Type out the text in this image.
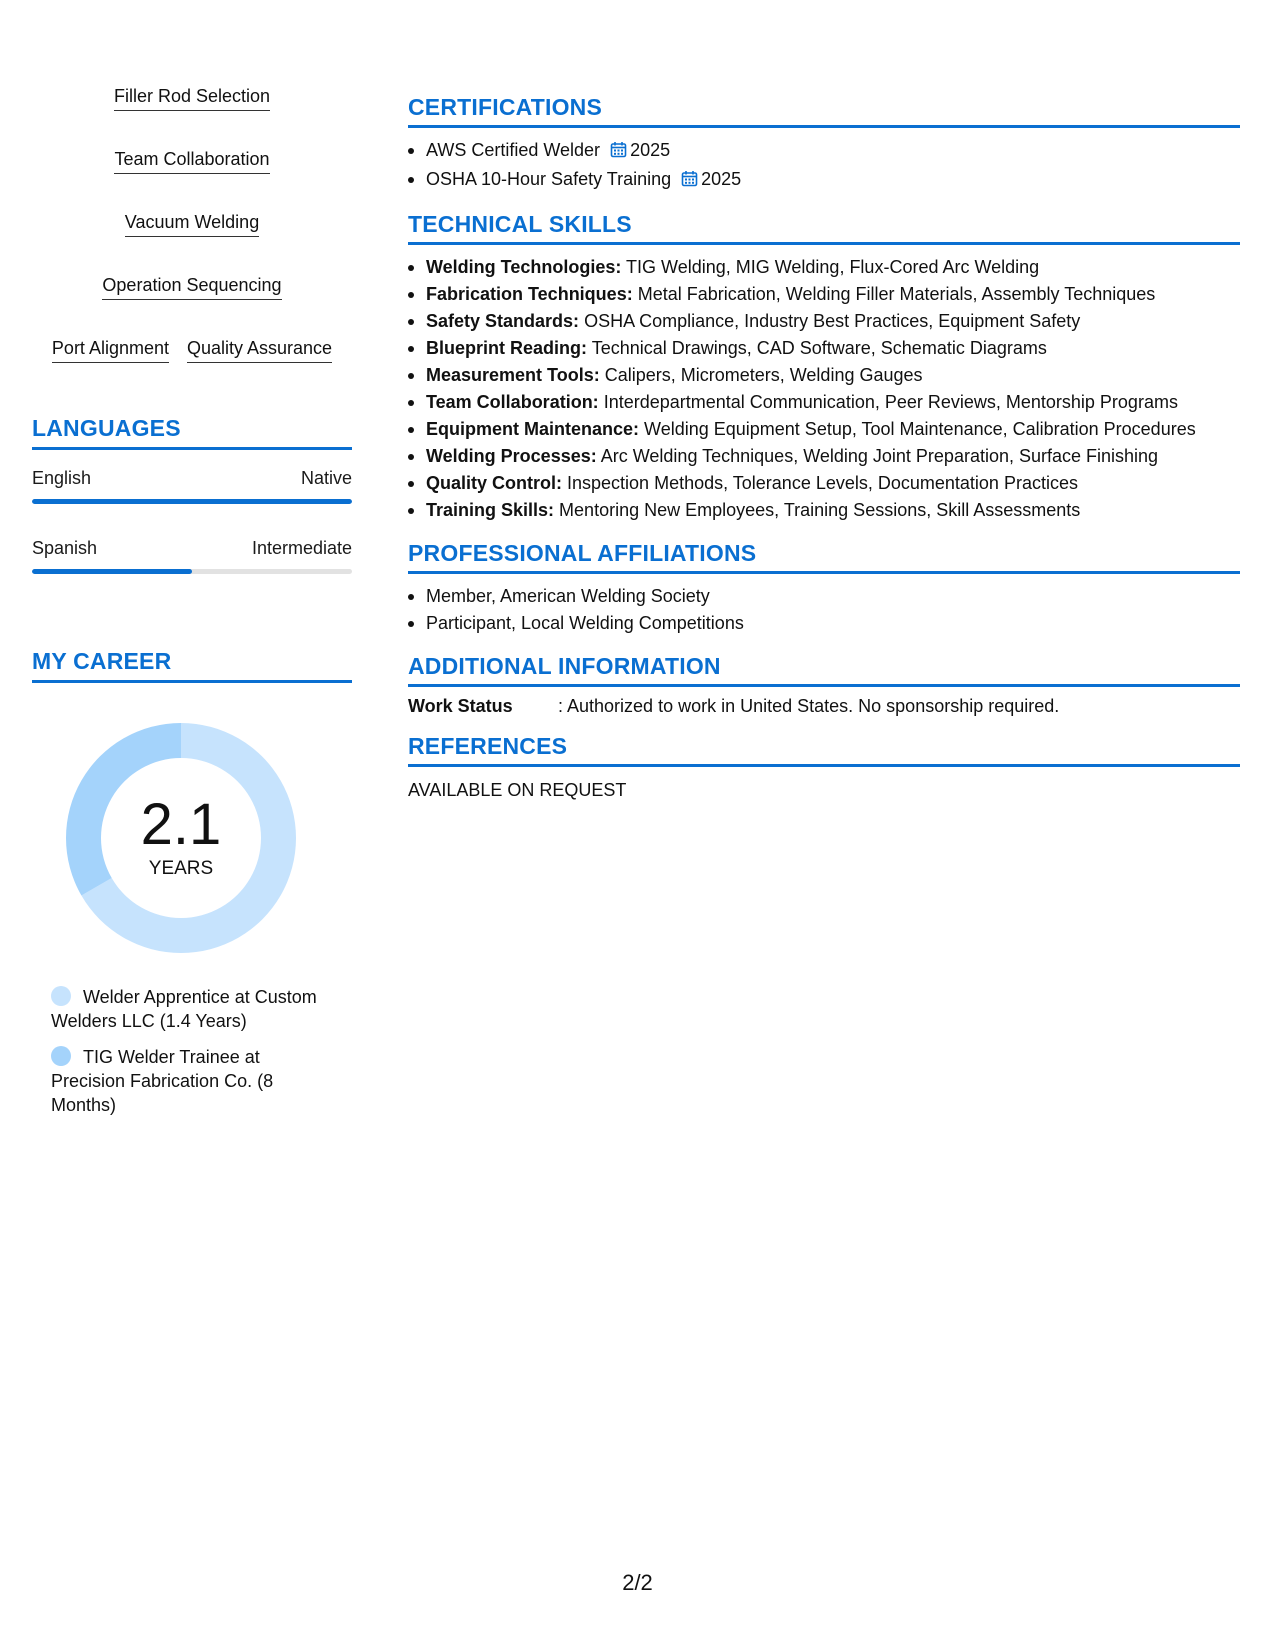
Filler Rod Selection
Team Collaboration
Vacuum Welding
Operation Sequencing
Port Alignment Quality Assurance
LANGUAGES
English	Native
Spanish	Intermediate
MY CAREER
2.1
YEARS
Welder Apprentice at Custom Welders LLC (1.4 Years)
TIG Welder Trainee at Precision Fabrication Co. (8 Months)
CERTIFICATIONS
AWS Certified Welder 2025
OSHA 10-Hour Safety Training 2025
TECHNICAL SKILLS
Welding Technologies: TIG Welding, MIG Welding, Flux-Cored Arc Welding
Fabrication Techniques: Metal Fabrication, Welding Filler Materials, Assembly Techniques
Safety Standards: OSHA Compliance, Industry Best Practices, Equipment Safety
Blueprint Reading: Technical Drawings, CAD Software, Schematic Diagrams
Measurement Tools: Calipers, Micrometers, Welding Gauges
Team Collaboration: Interdepartmental Communication, Peer Reviews, Mentorship Programs
Equipment Maintenance: Welding Equipment Setup, Tool Maintenance, Calibration Procedures
Welding Processes: Arc Welding Techniques, Welding Joint Preparation, Surface Finishing
Quality Control: Inspection Methods, Tolerance Levels, Documentation Practices
Training Skills: Mentoring New Employees, Training Sessions, Skill Assessments
PROFESSIONAL AFFILIATIONS
Member, American Welding Society
Participant, Local Welding Competitions
ADDITIONAL INFORMATION
Work Status	: Authorized to work in United States. No sponsorship required.
REFERENCES
AVAILABLE ON REQUEST
2/2
